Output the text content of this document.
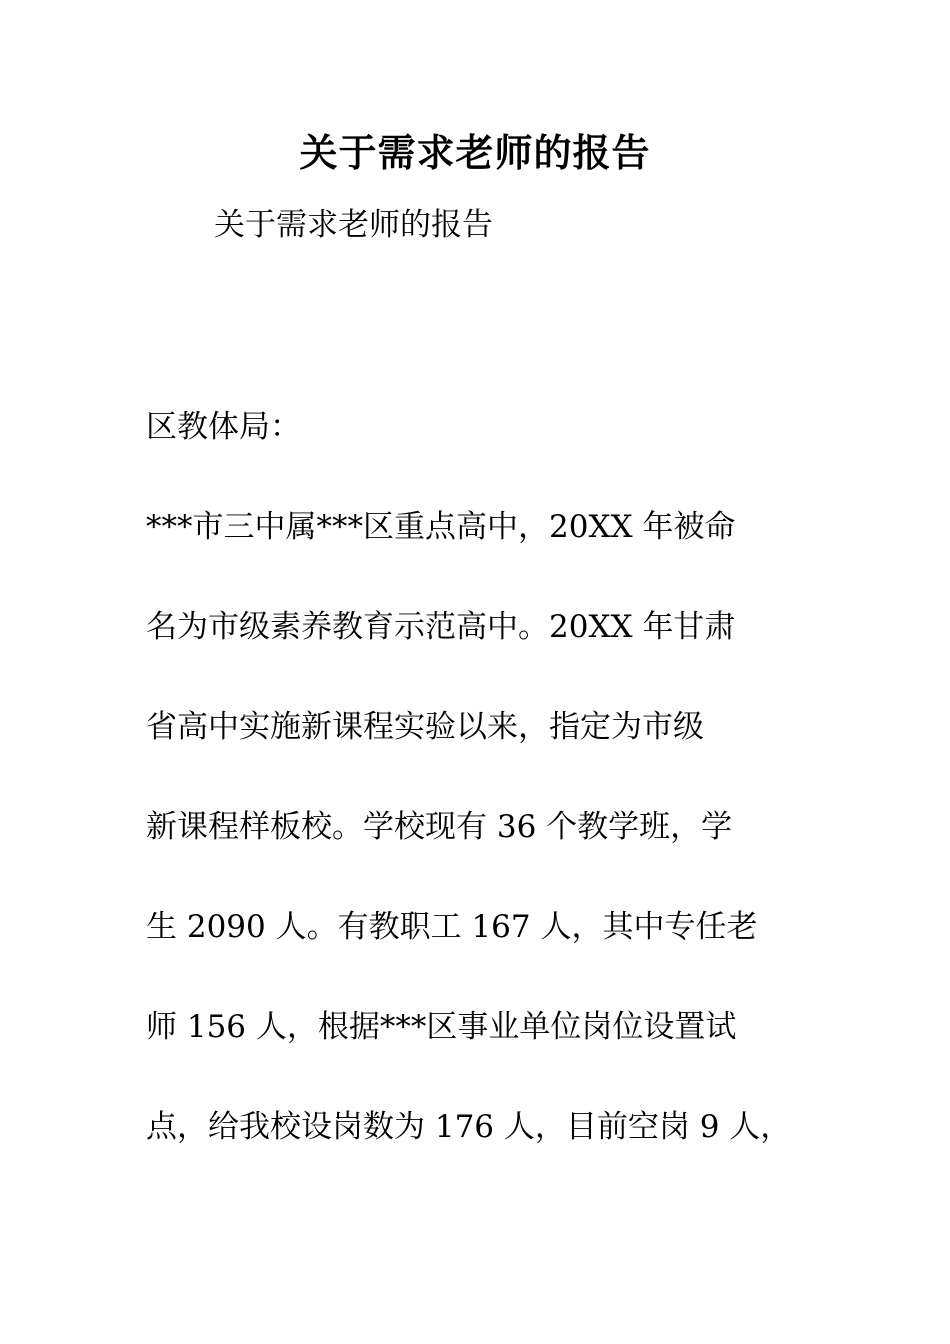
关于需求老师的报告
关于需求老师的报告
区教体局：
***市三中属***区重点高中，20XX 年被命
名为市级素养教育示范高中。20XX 年甘肃
省高中实施新课程实验以来，指定为市级
新课程样板校。学校现有 36 个教学班，学
生 2090 人。有教职工 167 人，其中专任老
师 156 人，根据***区事业单位岗位设置试
点，给我校设岗数为 176 人，目前空岗 9 人，
